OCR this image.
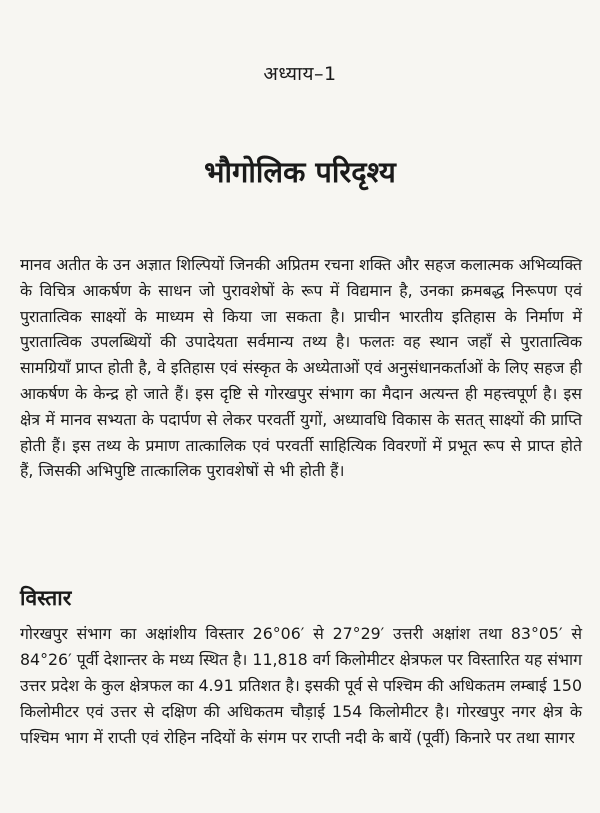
अध्याय–1
भौगोलिक परिदृश्य

मानव अतीत के उन अज्ञात शिल्पियों जिनकी अप्रितम रचना शक्ति और सहज कलात्मक अभिव्यक्ति के विचित्र आकर्षण के साधन जो पुरावशेषों के रूप में विद्यमान है, उनका क्रमबद्ध निरूपण एवं पुरातात्विक साक्ष्यों के माध्यम से किया जा सकता है। प्राचीन भारतीय इतिहास के निर्माण में पुरातात्विक उपलब्धियों की उपादेयता सर्वमान्य तथ्य है। फलतः वह स्थान जहाँ से पुरातात्विक सामग्रियाँ प्राप्त होती है, वे इतिहास एवं संस्कृत के अध्येताओं एवं अनुसंधानकर्ताओं के लिए सहज ही आकर्षण के केन्द्र हो जाते हैं। इस दृष्टि से गोरखपुर संभाग का मैदान अत्यन्त ही महत्त्वपूर्ण है। इस क्षेत्र में मानव सभ्यता के पदार्पण से लेकर परवर्ती युगों, अध्यावधि विकास के सतत् साक्ष्यों की प्राप्ति होती हैं। इस तथ्य के प्रमाण तात्कालिक एवं परवर्ती साहित्यिक विवरणों में प्रभूत रूप से प्राप्त होते हैं, जिसकी अभिपुष्टि तात्कालिक पुरावशेषों से भी होती हैं।

विस्तार

गोरखपुर संभाग का अक्षांशीय विस्तार 26°06′ से 27°29′ उत्तरी अक्षांश तथा 83°05′ से 84°26′ पूर्वी देशान्तर के मध्य स्थित है। 11,818 वर्ग किलोमीटर क्षेत्रफल पर विस्तारित यह संभाग उत्तर प्रदेश के कुल क्षेत्रफल का 4.91 प्रतिशत है। इसकी पूर्व से पश्चिम की अधिकतम लम्बाई 150 किलोमीटर एवं उत्तर से दक्षिण की अधिकतम चौड़ाई 154 किलोमीटर है। गोरखपुर नगर क्षेत्र के पश्चिम भाग में राप्ती एवं रोहिन नदियों के संगम पर राप्ती नदी के बायें (पूर्वी) किनारे पर तथा सागर
